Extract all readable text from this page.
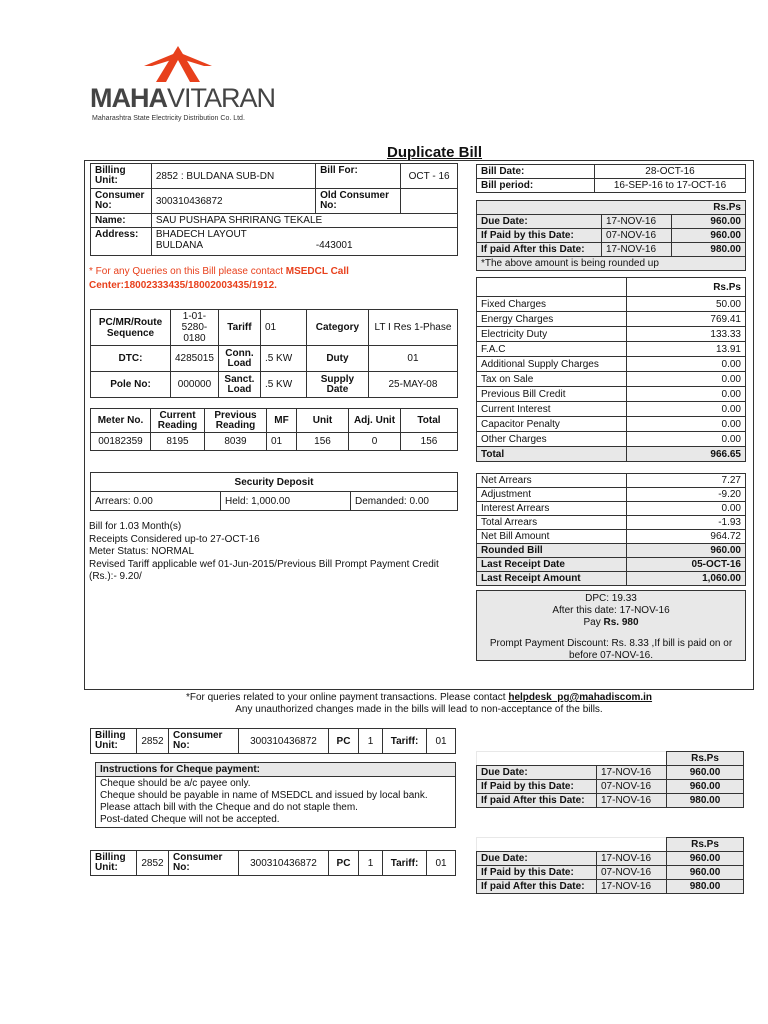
MAHAVITARAN
Maharashtra State Electricity Distribution Co. Ltd.
Duplicate Bill
Billing Unit:	2852 : BULDANA SUB-DN	Bill For:	OCT - 16
Consumer No:	300310436872	Old Consumer No:	
Name:	SAU PUSHAPA SHRIRANG TEKALE		
Address:	BHADECH LAYOUT
BULDANA -443001		
* For any Queries on this Bill please contact MSEDCL Call Center:18002333435/18002003435/1912.
PC/MR/Route Sequence	1-01-5280-0180	Tariff	01	Category	LT I Res 1-Phase
DTC:	4285015	Conn. Load	.5 KW	Duty	01
Pole No:	000000	Sanct. Load	.5 KW	Supply Date	25-MAY-08
Meter No.	Current Reading	Previous Reading	MF	Unit	Adj. Unit	Total
00182359	8195	8039	01	156	0	156
Security Deposit
Arrears: 0.00	Held: 1,000.00	Demanded: 0.00
Bill for 1.03 Month(s)
Receipts Considered up-to 27-OCT-16
Meter Status: NORMAL
Revised Tariff applicable wef 01-Jun-2015/Previous Bill Prompt Payment Credit (Rs.):- 9.20/
Bill Date:	28-OCT-16
Bill period:	16-SEP-16 to 17-OCT-16
Rs.Ps		
Due Date:	17-NOV-16	960.00
If Paid by this Date:	07-NOV-16	960.00
If paid After this Date:	17-NOV-16	980.00
*The above amount is being rounded up		
	Rs.Ps
Fixed Charges	50.00
Energy Charges	769.41
Electricity Duty	133.33
F.A.C	13.91
Additional Supply Charges	0.00
Tax on Sale	0.00
Previous Bill Credit	0.00
Current Interest	0.00
Capacitor Penalty	0.00
Other Charges	0.00
Total	966.65
Net Arrears	7.27
Adjustment	-9.20
Interest Arrears	0.00
Total Arrears	-1.93
Net Bill Amount	964.72
Rounded Bill	960.00
Last Receipt Date	05-OCT-16
Last Receipt Amount	1,060.00
DPC: 19.33
After this date: 17-NOV-16
Pay Rs. 980
Prompt Payment Discount: Rs. 8.33 ,If bill is paid on or before 07-NOV-16.
*For queries related to your online payment transactions. Please contact helpdesk_pg@mahadiscom.in
Any unauthorized changes made in the bills will lead to non-acceptance of the bills.
Billing Unit:	2852	Consumer No:	300310436872	PC	1	Tariff:	01
Instructions for Cheque payment:

Cheque should be a/c payee only.
Cheque should be payable in name of MSEDCL and issued by local bank.
Please attach bill with the Cheque and do not staple them.
Post-dated Cheque will not be accepted.
		Rs.Ps
Due Date:	17-NOV-16	960.00
If Paid by this Date:	07-NOV-16	960.00
If paid After this Date:	17-NOV-16	980.00
Billing Unit:	2852	Consumer No:	300310436872	PC	1	Tariff:	01
		Rs.Ps
Due Date:	17-NOV-16	960.00
If Paid by this Date:	07-NOV-16	960.00
If paid After this Date:	17-NOV-16	980.00
